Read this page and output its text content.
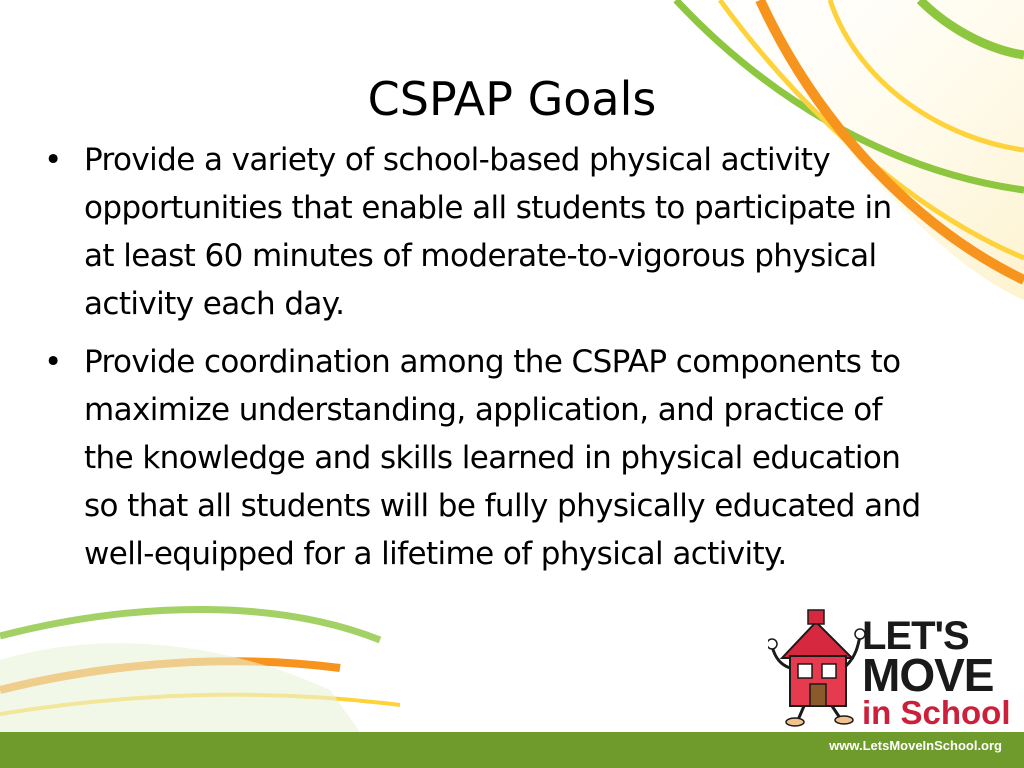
CSPAP Goals
• Provide a variety of school-based physical activity opportunities that enable all students to participate in at least 60 minutes of moderate-to-vigorous physical activity each day.
• Provide coordination among the CSPAP components to maximize understanding, application, and practice of the knowledge and skills learned in physical education so that all students will be fully physically educated and well-equipped for a lifetime of physical activity.
LET'S
MOVE
in School
www.LetsMoveInSchool.org
